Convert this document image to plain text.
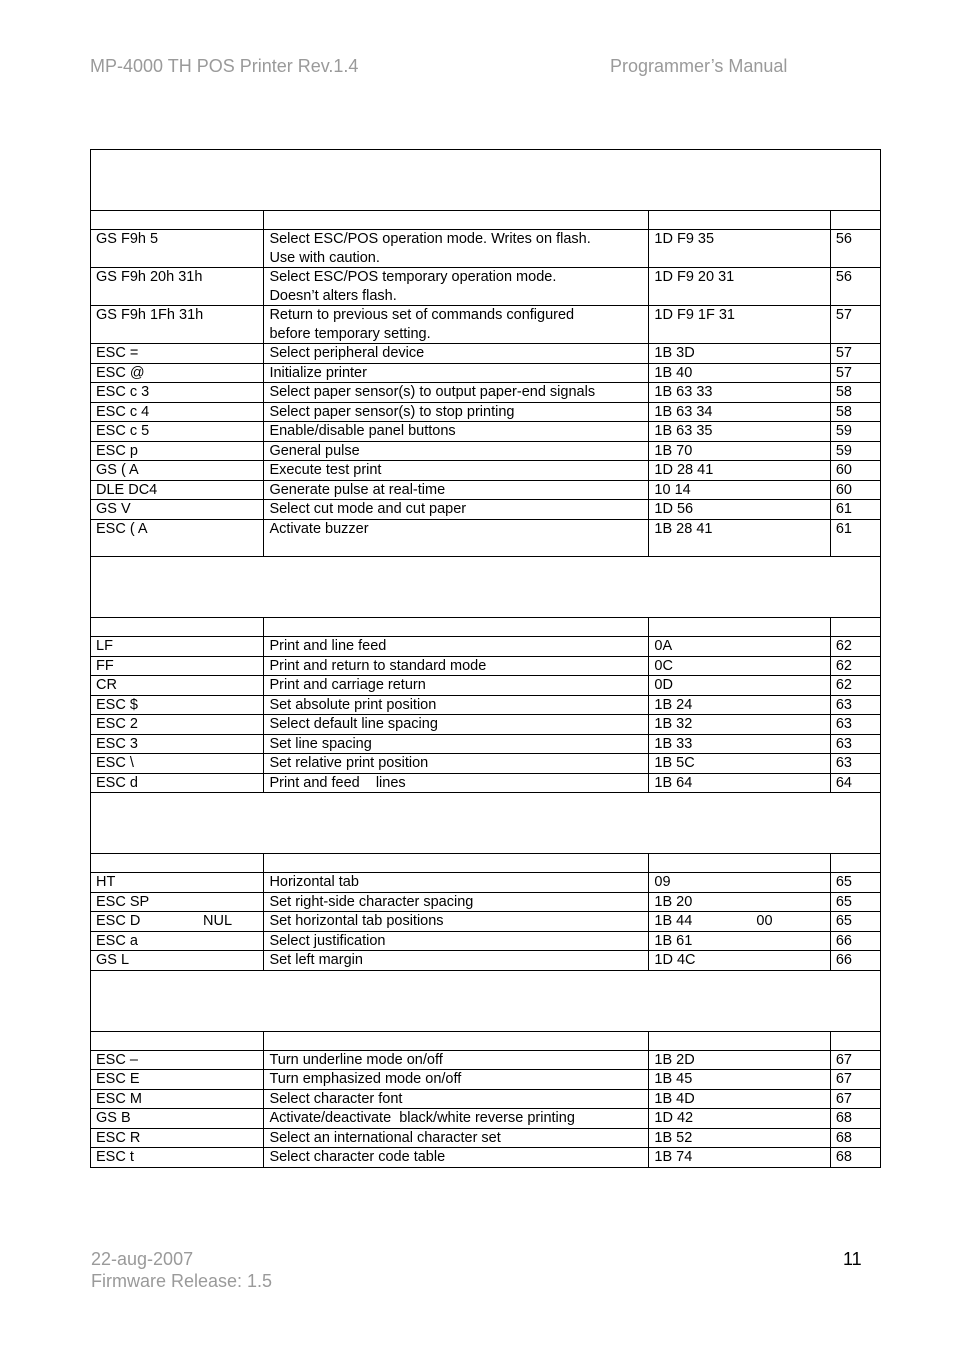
MP-4000 TH POS Printer Rev.1.4	Programmer’s Manual

GS F9h 5	Select ESC/POS operation mode. Writes on flash.
Use with caution.	1D F9 35	56
GS F9h 20h 31h	Select ESC/POS temporary operation mode.
Doesn’t alters flash.	1D F9 20 31	56
GS F9h 1Fh 31h	Return to previous set of commands configured
before temporary setting.	1D F9 1F 31	57
ESC =	Select peripheral device	1B 3D	57
ESC @	Initialize printer	1B 40	57
ESC c 3	Select paper sensor(s) to output paper-end signals	1B 63 33	58
ESC c 4	Select paper sensor(s) to stop printing	1B 63 34	58
ESC c 5	Enable/disable panel buttons	1B 63 35	59
ESC p	General pulse	1B 70	59
GS ( A	Execute test print	1D 28 41	60
DLE DC4	Generate pulse at real-time	10 14	60
GS V	Select cut mode and cut paper	1D 56	61
ESC ( A	Activate buzzer	1B 28 41	61

LF	Print and line feed	0A	62
FF	Print and return to standard mode	0C	62
CR	Print and carriage return	0D	62
ESC $	Set absolute print position	1B 24	63
ESC 2	Select default line spacing	1B 32	63
ESC 3	Set line spacing	1B 33	63
ESC \	Set relative print position	1B 5C	63
ESC d	Print and feed    lines	1B 64	64

HT	Horizontal tab	09	65
ESC SP	Set right-side character spacing	1B 20	65
ESC D NUL	Set horizontal tab positions	1B 44 00	65
ESC a	Select justification	1B 61	66
GS L	Set left margin	1D 4C	66

ESC –	Turn underline mode on/off	1B 2D	67
ESC E	Turn emphasized mode on/off	1B 45	67
ESC M	Select character font	1B 4D	67
GS B	Activate/deactivate  black/white reverse printing	1D 42	68
ESC R	Select an international character set	1B 52	68
ESC t	Select character code table	1B 74	68
22-aug-2007
Firmware Release: 1.5
11
